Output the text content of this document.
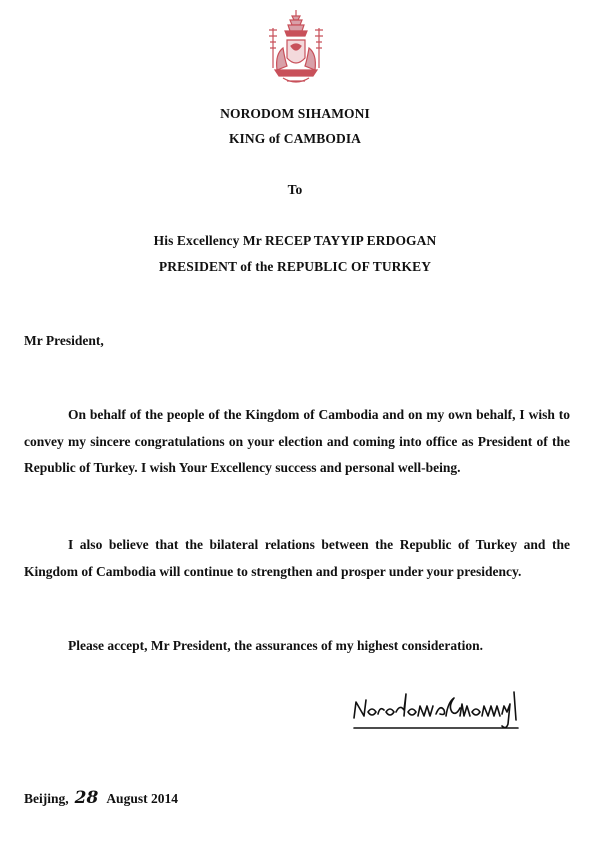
NORODOM SIHAMONI
KING of CAMBODIA
To
His Excellency Mr RECEP TAYYIP ERDOGAN
PRESIDENT of the REPUBLIC OF TURKEY
Mr President,
On behalf of the people of the Kingdom of Cambodia and on my own behalf, I wish to convey my sincere congratulations on your election and coming into office as President of the Republic of Turkey. I wish Your Excellency success and personal well-being.
I also believe that the bilateral relations between the Republic of Turkey and the Kingdom of Cambodia will continue to strengthen and prosper under your presidency.
Please accept, Mr President, the assurances of my highest consideration.
Beijing, 28 August 2014
